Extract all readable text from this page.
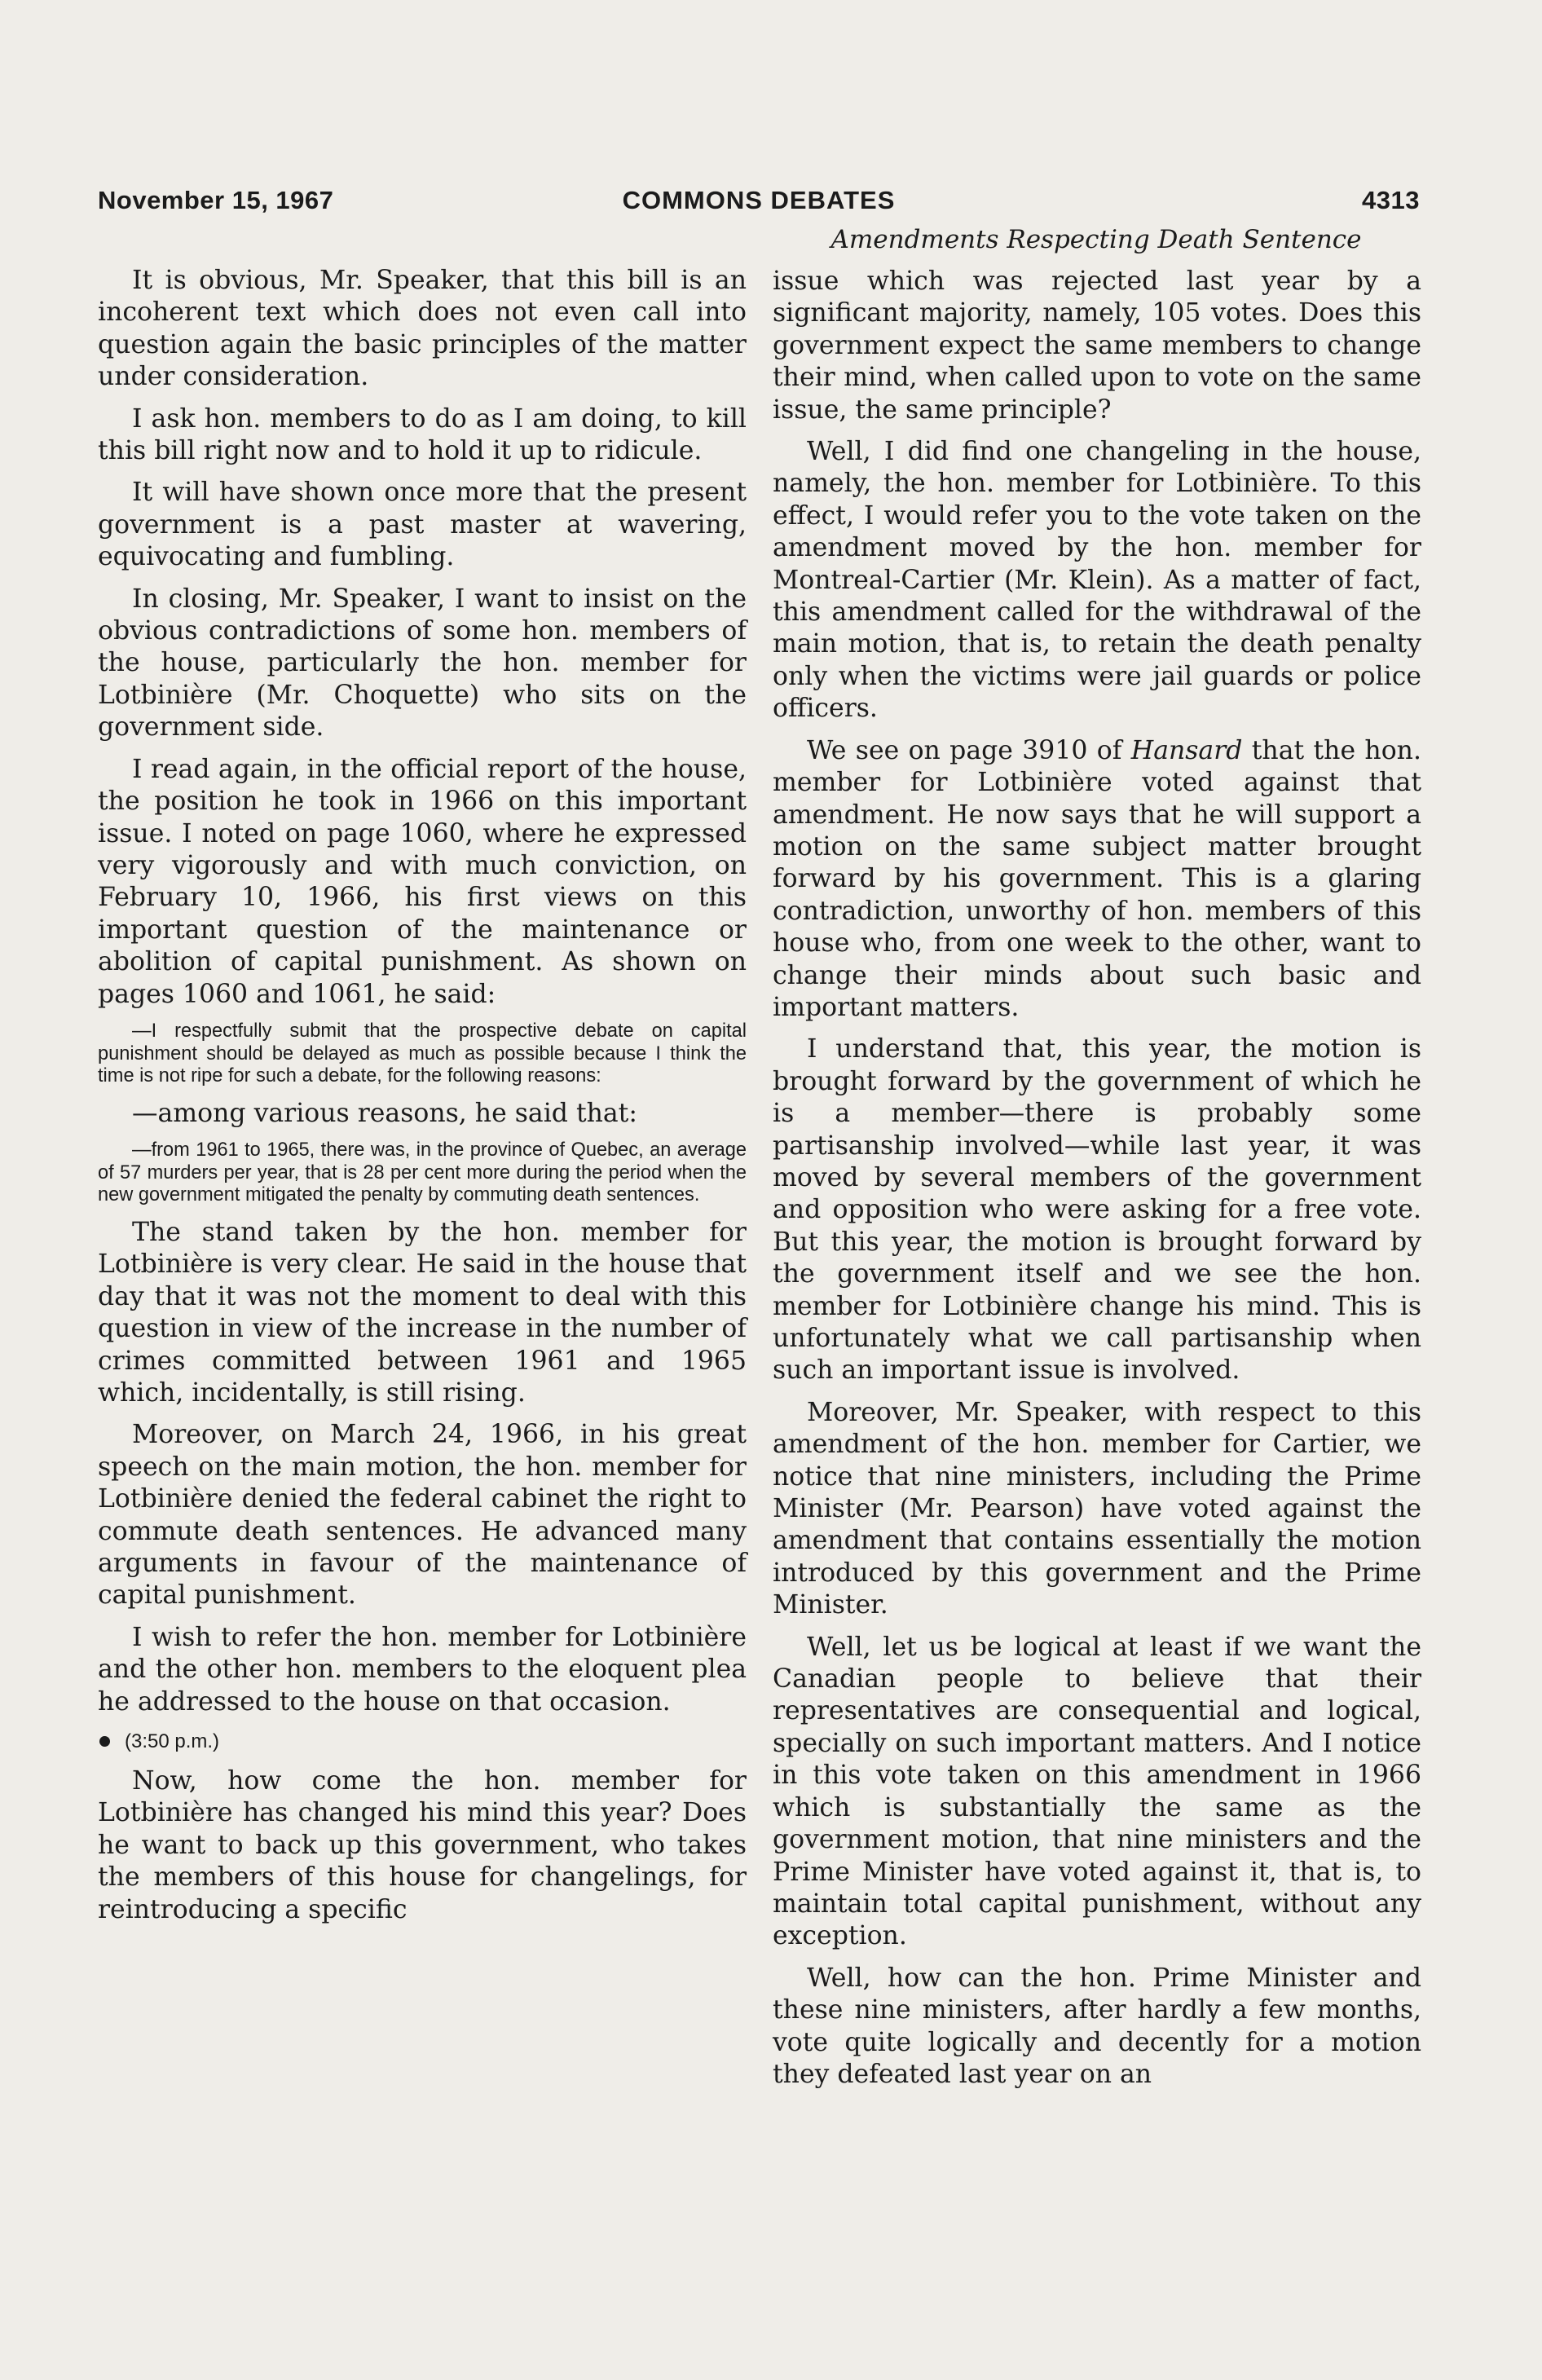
November 15, 1967	COMMONS DEBATES	4313
Amendments Respecting Death Sentence

It is obvious, Mr. Speaker, that this bill is an incoherent text which does not even call into question again the basic principles of the matter under consideration.

I ask hon. members to do as I am doing, to kill this bill right now and to hold it up to ridicule.

It will have shown once more that the present government is a past master at wavering, equivocating and fumbling.

In closing, Mr. Speaker, I want to insist on the obvious contradictions of some hon. members of the house, particularly the hon. member for Lotbinière (Mr. Choquette) who sits on the government side.

I read again, in the official report of the house, the position he took in 1966 on this important issue. I noted on page 1060, where he expressed very vigorously and with much conviction, on February 10, 1966, his first views on this important question of the maintenance or abolition of capital punishment. As shown on pages 1060 and 1061, he said:

—I respectfully submit that the prospective debate on capital punishment should be delayed as much as possible because I think the time is not ripe for such a debate, for the following reasons:

—among various reasons, he said that:

—from 1961 to 1965, there was, in the province of Quebec, an average of 57 murders per year, that is 28 per cent more during the period when the new government mitigated the penalty by commuting death sentences.

The stand taken by the hon. member for Lotbinière is very clear. He said in the house that day that it was not the moment to deal with this question in view of the increase in the number of crimes committed between 1961 and 1965 which, incidentally, is still rising.

Moreover, on March 24, 1966, in his great speech on the main motion, the hon. member for Lotbinière denied the federal cabinet the right to commute death sentences. He advanced many arguments in favour of the maintenance of capital punishment.

I wish to refer the hon. member for Lotbinière and the other hon. members to the eloquent plea he addressed to the house on that occasion.

(3:50 p.m.)

Now, how come the hon. member for Lotbinière has changed his mind this year? Does he want to back up this government, who takes the members of this house for changelings, for reintroducing a specific

issue which was rejected last year by a significant majority, namely, 105 votes. Does this government expect the same members to change their mind, when called upon to vote on the same issue, the same principle?

Well, I did find one changeling in the house, namely, the hon. member for Lotbinière. To this effect, I would refer you to the vote taken on the amendment moved by the hon. member for Montreal-Cartier (Mr. Klein). As a matter of fact, this amendment called for the withdrawal of the main motion, that is, to retain the death penalty only when the victims were jail guards or police officers.

We see on page 3910 of Hansard that the hon. member for Lotbinière voted against that amendment. He now says that he will support a motion on the same subject matter brought forward by his government. This is a glaring contradiction, unworthy of hon. members of this house who, from one week to the other, want to change their minds about such basic and important matters.

I understand that, this year, the motion is brought forward by the government of which he is a member—there is probably some partisanship involved—while last year, it was moved by several members of the government and opposition who were asking for a free vote. But this year, the motion is brought forward by the government itself and we see the hon. member for Lotbinière change his mind. This is unfortunately what we call partisanship when such an important issue is involved.

Moreover, Mr. Speaker, with respect to this amendment of the hon. member for Cartier, we notice that nine ministers, including the Prime Minister (Mr. Pearson) have voted against the amendment that contains essentially the motion introduced by this government and the Prime Minister.

Well, let us be logical at least if we want the Canadian people to believe that their representatives are consequential and logical, specially on such important matters. And I notice in this vote taken on this amendment in 1966 which is substantially the same as the government motion, that nine ministers and the Prime Minister have voted against it, that is, to maintain total capital punishment, without any exception.

Well, how can the hon. Prime Minister and these nine ministers, after hardly a few months, vote quite logically and decently for a motion they defeated last year on an
